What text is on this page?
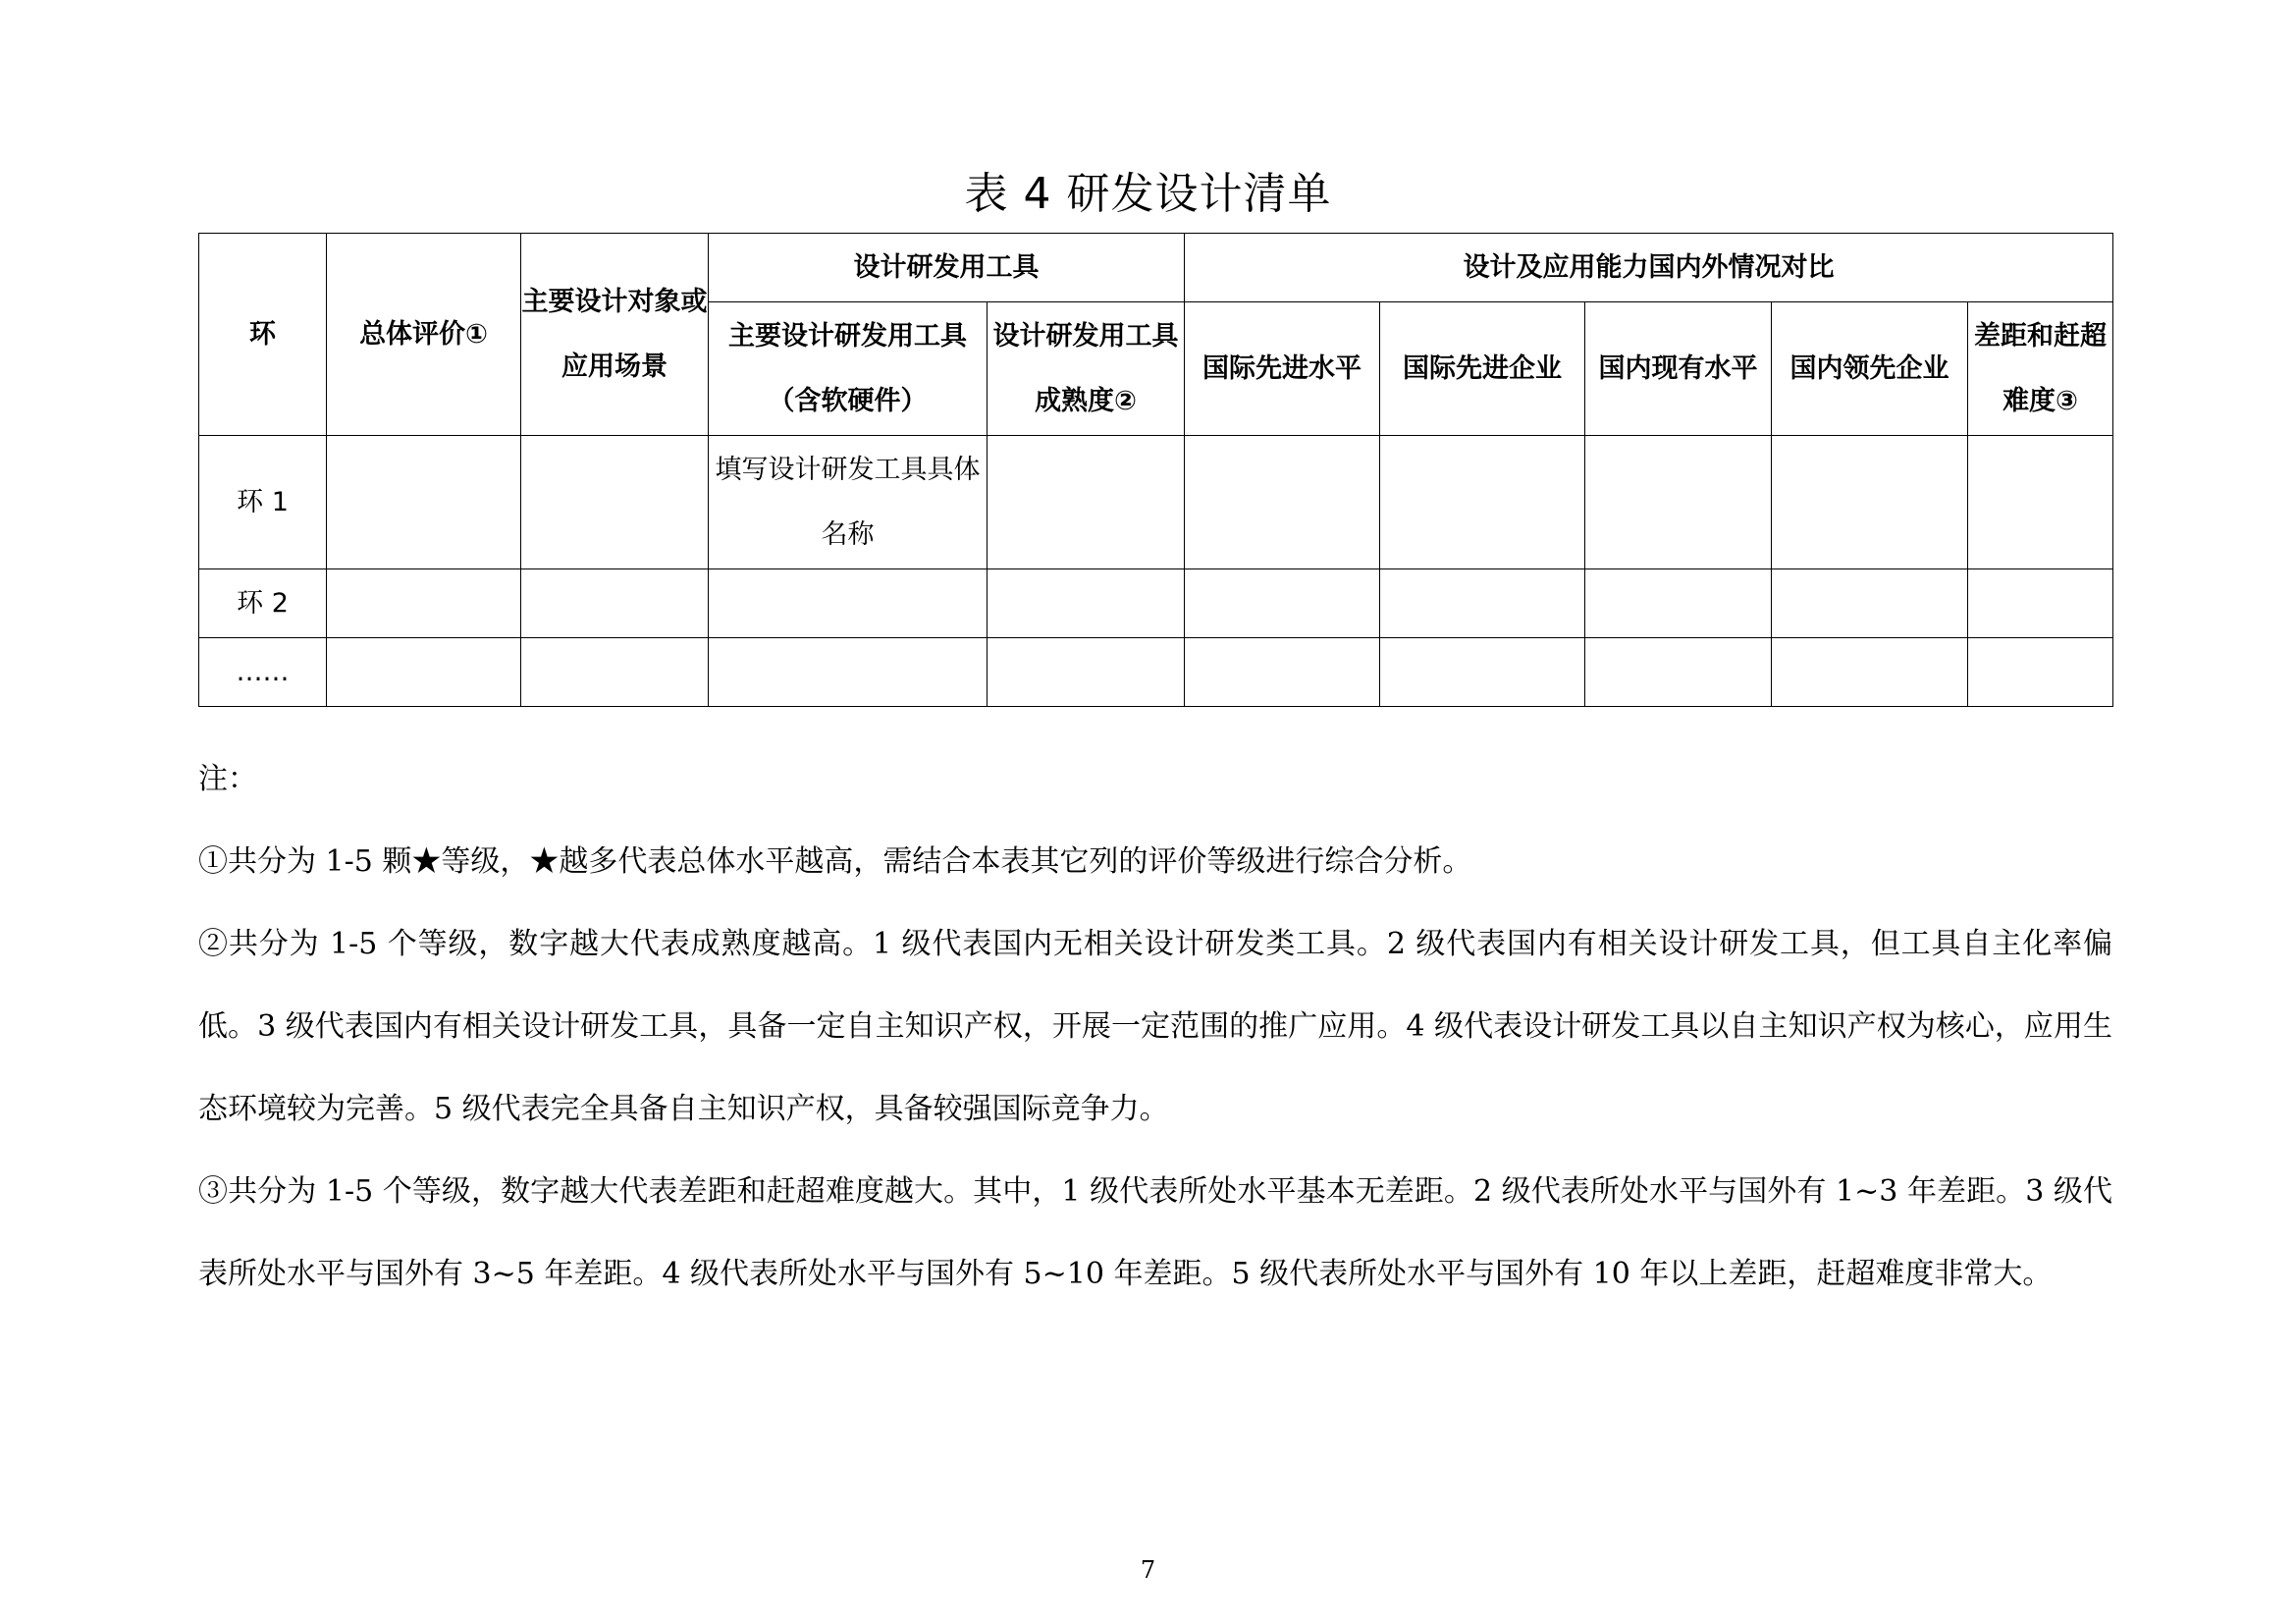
表 4 研发设计清单
环	总体评价①	主要设计对象或应用场景	设计研发用工具		设计及应用能力国内外情况对比				
			主要设计研发用工具（含软硬件）	设计研发用工具成熟度②	国际先进水平	国际先进企业	国内现有水平	国内领先企业	差距和赶超难度③
环 1			填写设计研发工具具体名称						
环 2									
……									

注：

①共分为 1-5 颗★等级，★越多代表总体水平越高，需结合本表其它列的评价等级进行综合分析。

②共分为 1-5 个等级，数字越大代表成熟度越高。1 级代表国内无相关设计研发类工具。2 级代表国内有相关设计研发工具，但工具自主化率偏低。3 级代表国内有相关设计研发工具，具备一定自主知识产权，开展一定范围的推广应用。4 级代表设计研发工具以自主知识产权为核心，应用生态环境较为完善。5 级代表完全具备自主知识产权，具备较强国际竞争力。

③共分为 1-5 个等级，数字越大代表差距和赶超难度越大。其中，1 级代表所处水平基本无差距。2 级代表所处水平与国外有 1~3 年差距。3 级代表所处水平与国外有 3~5 年差距。4 级代表所处水平与国外有 5~10 年差距。5 级代表所处水平与国外有 10 年以上差距，赶超难度非常大。

7
